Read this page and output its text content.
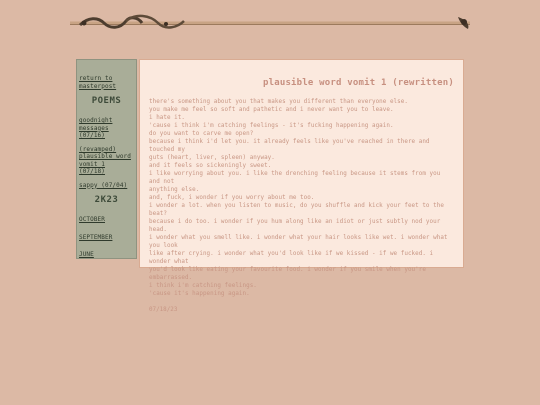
return to masterpost
POEMS
goodnight messages (07/16)
(revamped) plausible word vomit 1 (07/18)
sappy (07/04)
2K23
OCTOBER
SEPTEMBER
JUNE
plausible word vomit 1 (rewritten)

there's something about you that makes you different than everyone else.

you make me feel so soft and pathetic and i never want you to leave.

i hate it.

'cause i think i'm catching feelings - it's fucking happening again.

do you want to carve me open?

because i think i'd let you. it already feels like you've reached in there and touched my

guts (heart, liver, spleen) anyway.

and it feels so sickeningly sweet.

i like worrying about you. i like the drenching feeling because it stems from you and not

anything else.

and, fuck, i wonder if you worry about me too.

i wonder a lot. when you listen to music, do you shuffle and kick your feet to the beat?

because i do too. i wonder if you hum along like an idiot or just subtly nod your head.

i wonder what you smell like. i wonder what your hair looks like wet. i wonder what you look

like after crying. i wonder what you'd look like if we kissed - if we fucked. i wonder what

you'd look like eating your favourite food. i wonder if you smile when you're

embarrassed.

i think i'm catching feelings.

'cause it's happening again.

07/18/23
